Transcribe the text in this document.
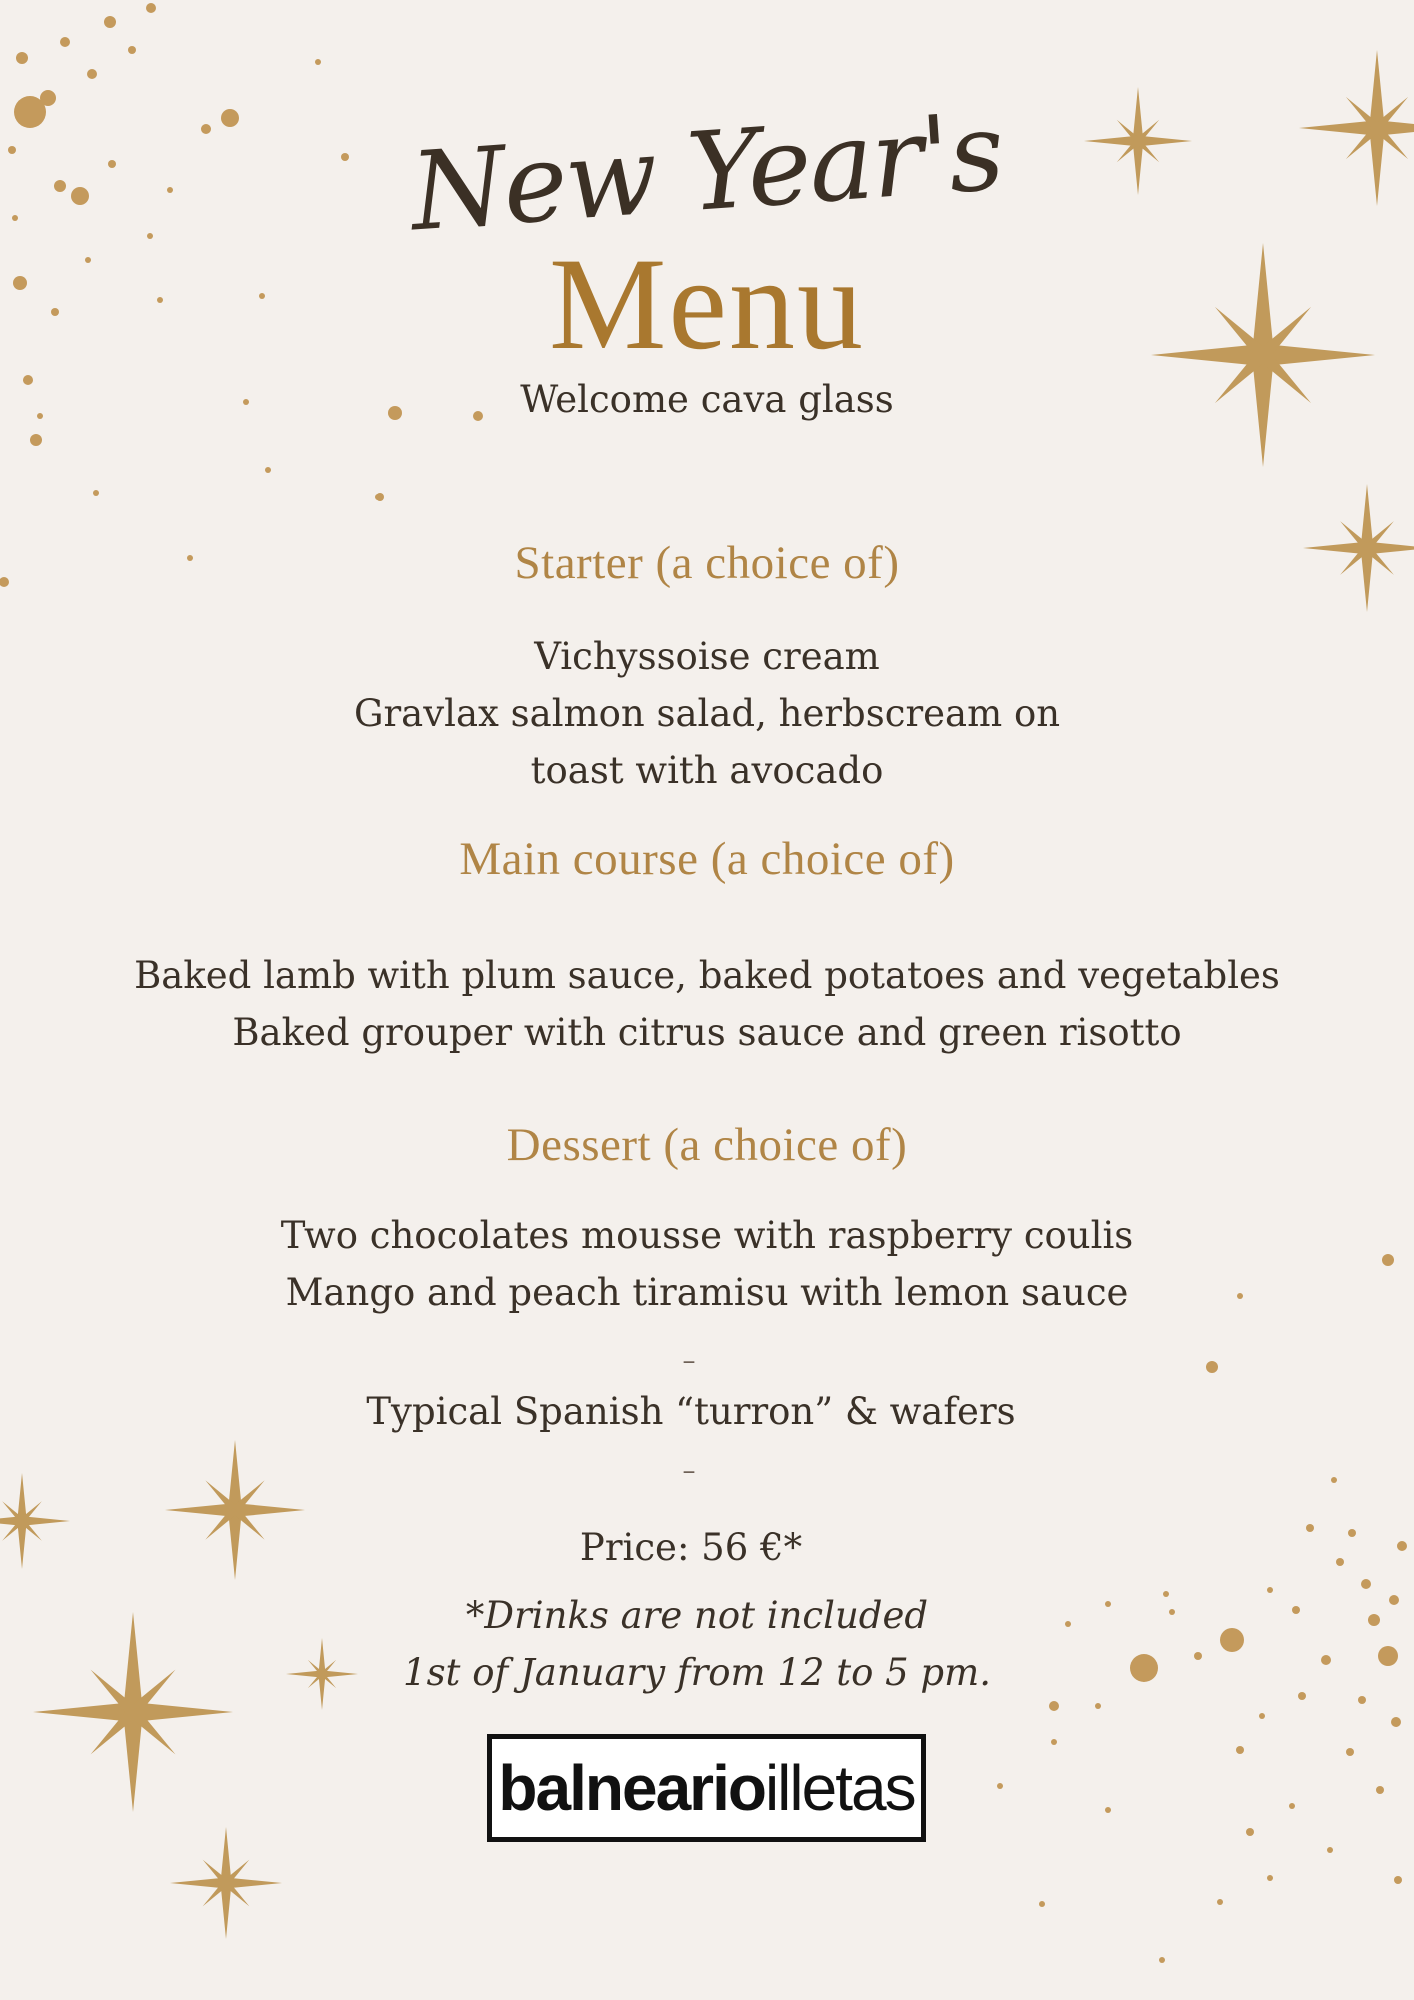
New Year's
Menu
Welcome cava glass
Starter (a choice of)
Vichyssoise cream
Gravlax salmon salad, herbscream on
toast with avocado
Main course (a choice of)
Baked lamb with plum sauce, baked potatoes and vegetables
Baked grouper with citrus sauce and green risotto
Dessert (a choice of)
Two chocolates mousse with raspberry coulis
Mango and peach tiramisu with lemon sauce
–
Typical Spanish “turron” & wafers
–
Price: 56 €*
*Drinks are not included
1st of January from 12 to 5 pm.
balneario illetas
